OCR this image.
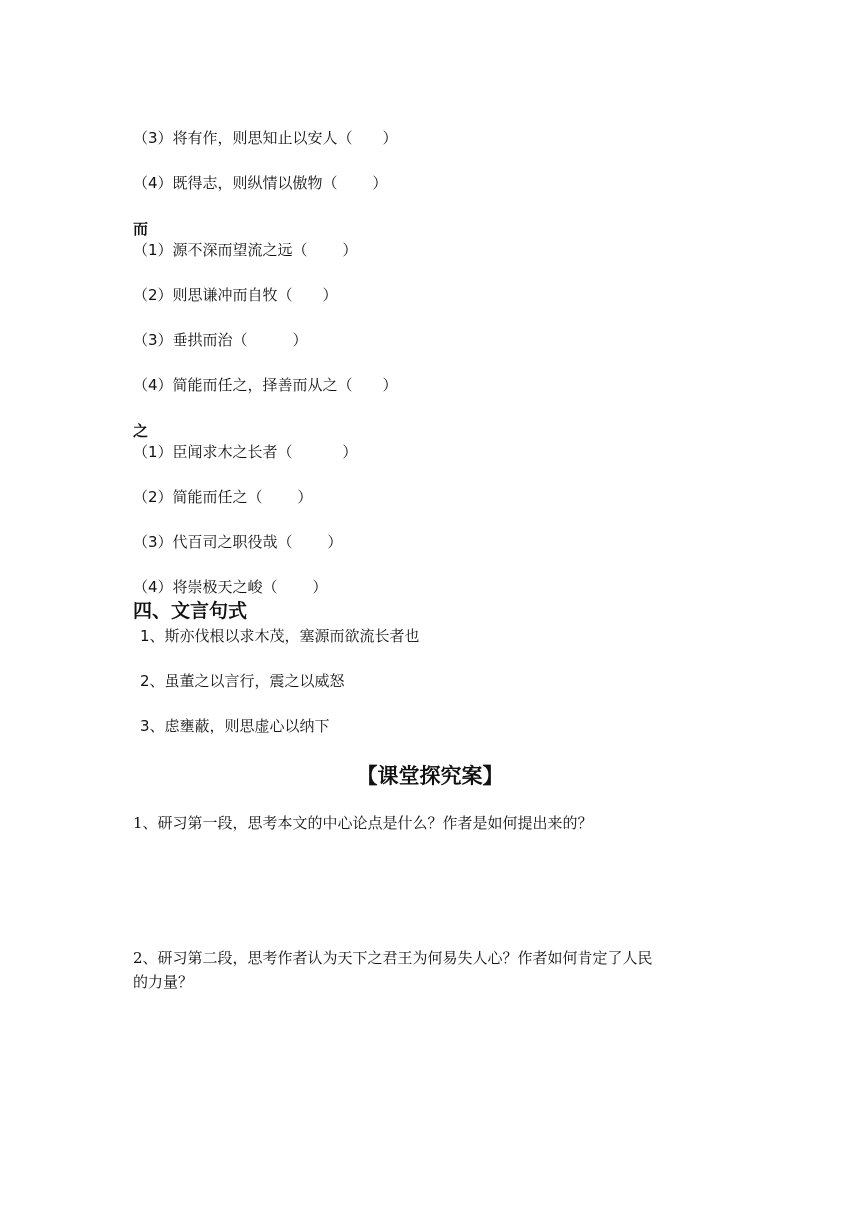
（3）将有作，则思知止以安人（　　）
（4）既得志，则纵情以傲物（　　 ）
而
（1）源不深而望流之远（　　 ）
（2）则思谦冲而自牧（　　）
（3）垂拱而治（　　　）
（4）简能而任之，择善而从之（　　）
之
（1）臣闻求木之长者（　　　 ）
（2）简能而任之（　　 ）
（3）代百司之职役哉（　　 ）
（4）将崇极天之峻（　　 ）
四、文言句式
1、斯亦伐根以求木茂，塞源而欲流长者也
2、虽董之以言行，震之以威怒
3、虑壅蔽，则思虚心以纳下
【课堂探究案】
1、研习第一段，思考本文的中心论点是什么？作者是如何提出来的？
2、研习第二段，思考作者认为天下之君王为何易失人心？作者如何肯定了人民
的力量？
